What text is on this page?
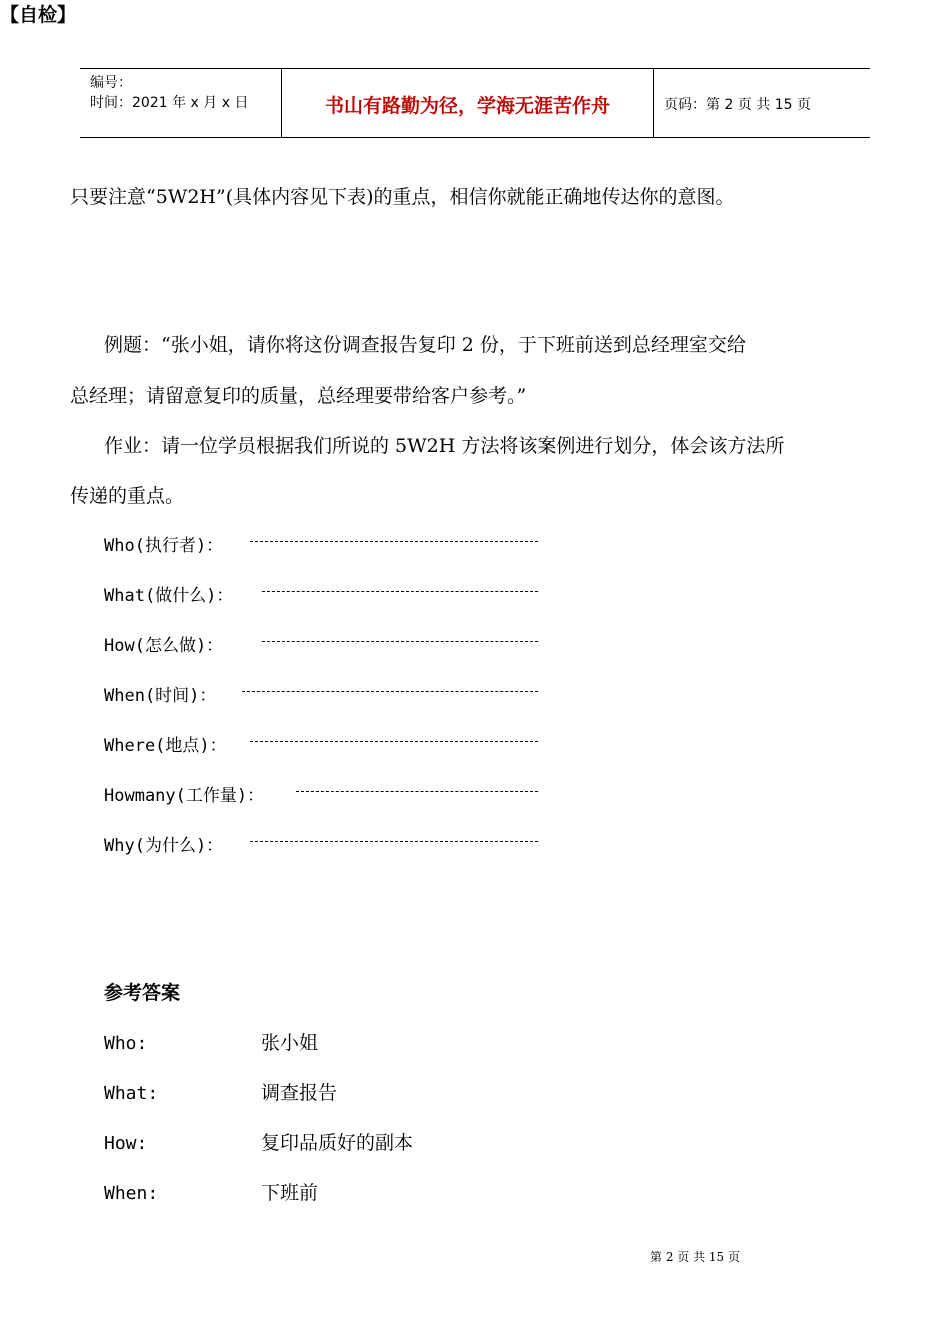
编号：
时间：2021 年 x 月 x 日	书山有路勤为径，学海无涯苦作舟	页码：第 2 页 共 15 页
只要注意“5W2H”(具体内容见下表)的重点，相信你就能正确地传达你的意图。
【自检】
例题：“张小姐，请你将这份调查报告复印 2 份，于下班前送到总经理室交给
总经理；请留意复印的质量，总经理要带给客户参考。”
作业：请一位学员根据我们所说的 5W2H 方法将该案例进行划分，体会该方法所
传递的重点。
Who(执行者)：
What(做什么)：
How(怎么做)：
When(时间)：
Where(地点)：
Howmany(工作量)：
Why(为什么)：
参考答案
Who:	张小姐
What:	调查报告
How:	复印品质好的副本
When:	下班前
第 2 页 共 15 页
